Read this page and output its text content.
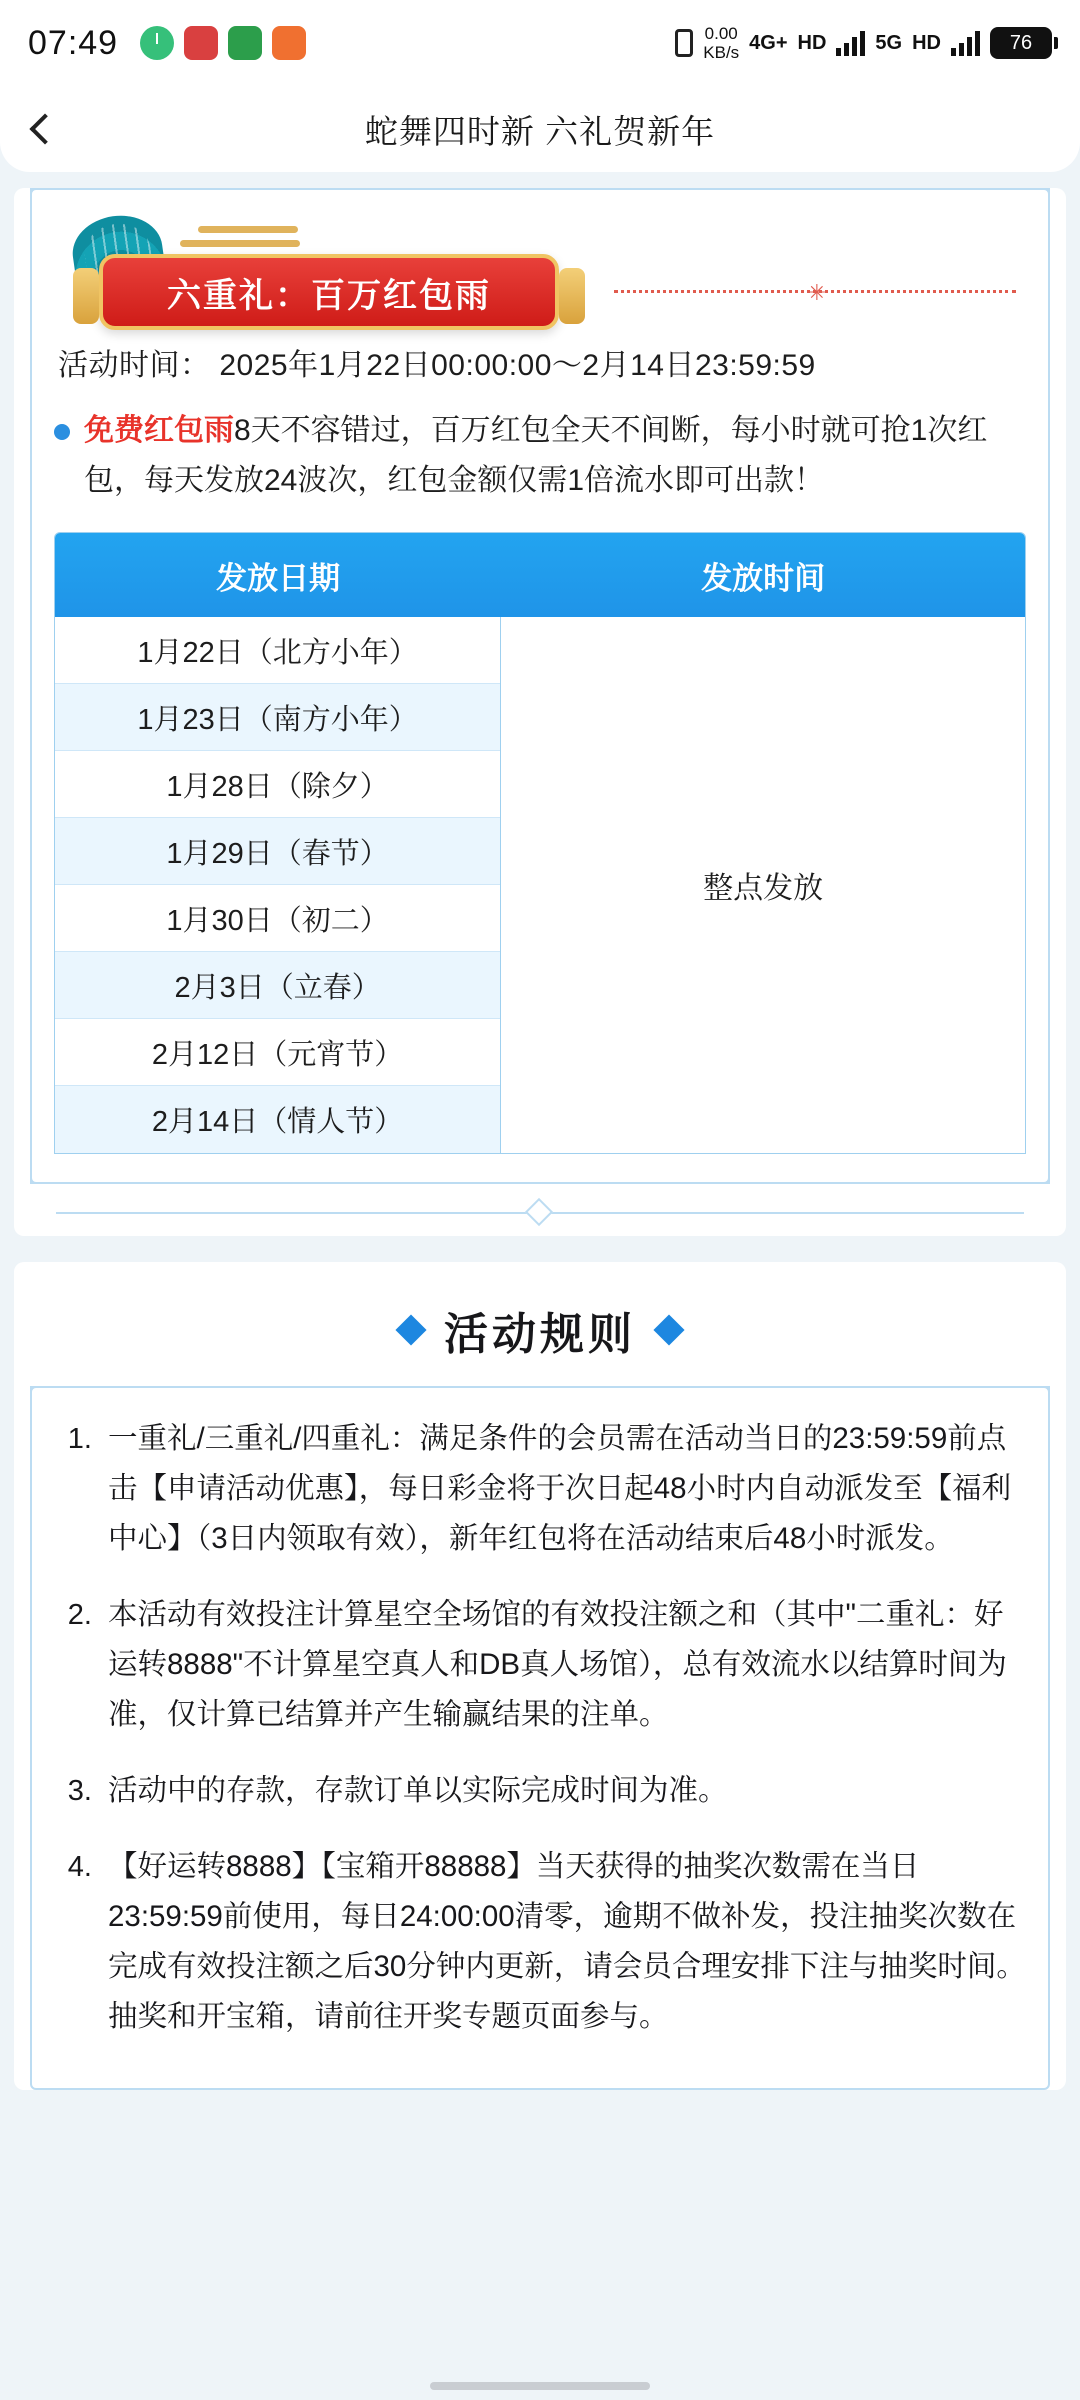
07:49	0.00
KB/s 4G+ HD 5G HD	76
蛇舞四时新 六礼贺新年
六重礼：百万红包雨	✳
活动时间： 2025年1月22日00:00:00～2月14日23:59:59
免费红包雨8天不容错过，百万红包全天不间断，每小时就可抢1次红包，每天发放24波次，红包金额仅需1倍流水即可出款！
发放日期	发放时间
1月22日（北方小年）
1月23日（南方小年）
1月28日（除夕）
1月29日（春节）
1月30日（初二）
2月3日（立春）
2月12日（元宵节）
2月14日（情人节）
整点发放
活动规则
1. 一重礼/三重礼/四重礼：满足条件的会员需在活动当日的23:59:59前点击【申请活动优惠】，每日彩金将于次日起48小时内自动派发至【福利中心】（3日内领取有效），新年红包将在活动结束后48小时派发。
2. 本活动有效投注计算星空全场馆的有效投注额之和（其中"二重礼：好运转8888"不计算星空真人和DB真人场馆），总有效流水以结算时间为准，仅计算已结算并产生输赢结果的注单。
3. 活动中的存款，存款订单以实际完成时间为准。
4. 【好运转8888】【宝箱开88888】当天获得的抽奖次数需在当日23:59:59前使用，每日24:00:00清零，逾期不做补发，投注抽奖次数在完成有效投注额之后30分钟内更新，请会员合理安排下注与抽奖时间。抽奖和开宝箱，请前往开奖专题页面参与。
